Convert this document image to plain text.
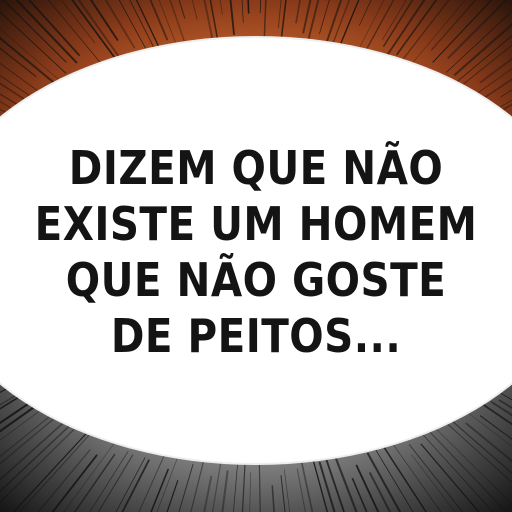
DIZEM QUE NÃO
EXISTE UM HOMEM
QUE NÃO GOSTE
DE PEITOS...
